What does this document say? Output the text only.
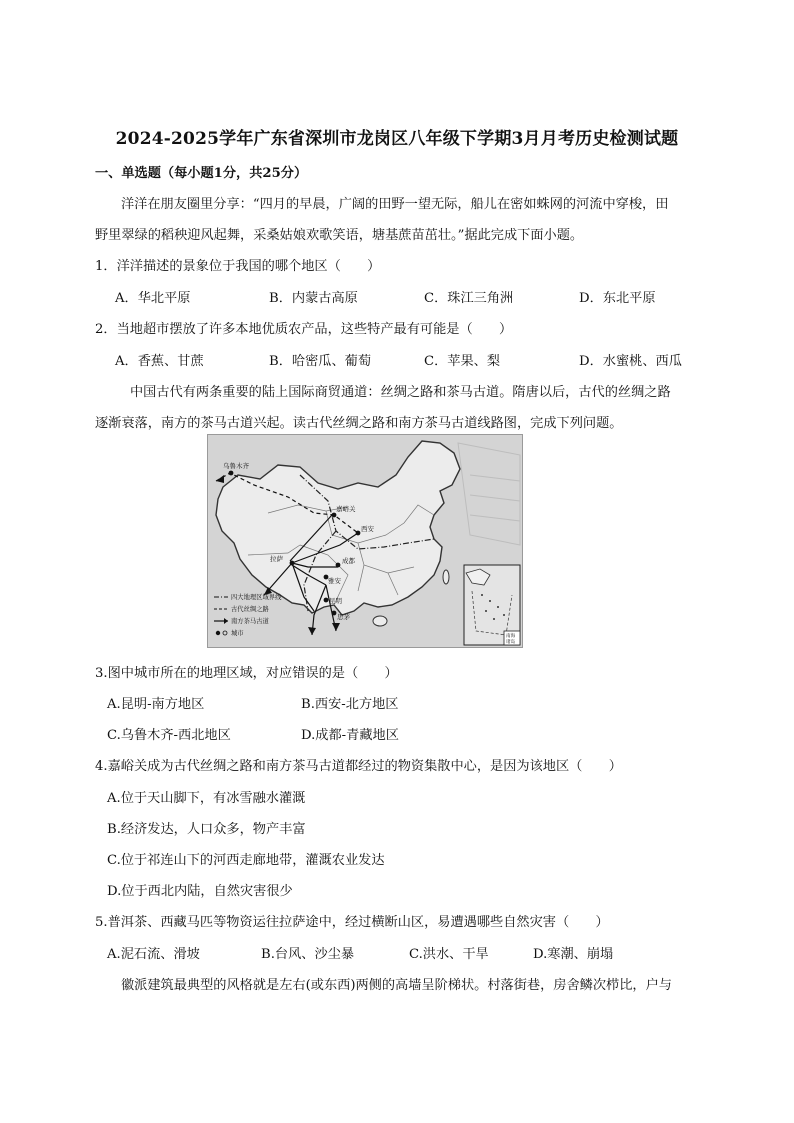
2024-2025学年广东省深圳市龙岗区八年级下学期3月月考历史检测试题
一、单选题（每小题1分，共25分）
洋洋在朋友圈里分享：“四月的早晨，广阔的田野一望无际，船儿在密如蛛网的河流中穿梭，田
野里翠绿的稻秧迎风起舞，采桑姑娘欢歌笑语，塘基蔗苗茁壮。”据此完成下面小题。
1．洋洋描述的景象位于我国的哪个地区（　　）
A．华北平原	B．内蒙古高原	C．珠江三角洲	D．东北平原
2．当地超市摆放了许多本地优质农产品，这些特产最有可能是（　　）
A．香蕉、甘蔗	B．哈密瓜、葡萄	C．苹果、梨	D．水蜜桃、西瓜
中国古代有两条重要的陆上国际商贸通道：丝绸之路和茶马古道。隋唐以后，古代的丝绸之路
逐渐衰落，南方的茶马古道兴起。读古代丝绸之路和南方茶马古道线路图，完成下列问题。
乌鲁木齐
嘉峪关
西安
拉萨	成都
雅安
昆明
思茅
四大地理区域界线
古代丝绸之路
南方茶马古道
城市	南海
诸岛
3.图中城市所在的地理区域，对应错误的是（　　）
A.昆明-南方地区	B.西安-北方地区
C.乌鲁木齐-西北地区	D.成都-青藏地区
4.嘉峪关成为古代丝绸之路和南方茶马古道都经过的物资集散中心，是因为该地区（　　）
A.位于天山脚下，有冰雪融水灌溉
B.经济发达，人口众多，物产丰富
C.位于祁连山下的河西走廊地带，灌溉农业发达
D.位于西北内陆，自然灾害很少
5.普洱茶、西藏马匹等物资运往拉萨途中，经过横断山区，易遭遇哪些自然灾害（　　）
A.泥石流、滑坡	B.台风、沙尘暴	C.洪水、干旱	D.寒潮、崩塌
徽派建筑最典型的风格就是左右(或东西)两侧的高墙呈阶梯状。村落街巷，房舍鳞次栉比，户与
